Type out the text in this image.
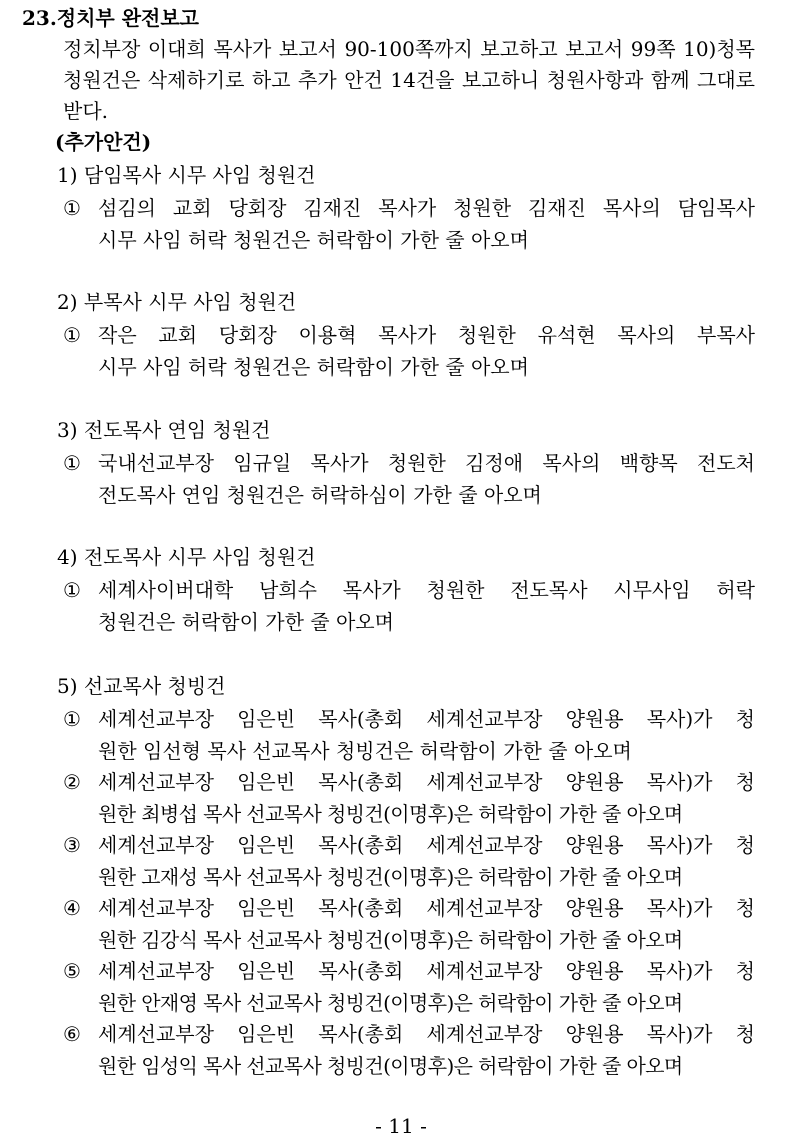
23.정치부 완전보고
정치부장 이대희 목사가 보고서 90-100쪽까지 보고하고 보고서 99쪽 10)청목
청원건은 삭제하기로 하고 추가 안건 14건을 보고하니 청원사항과 함께 그대로
받다.
(추가안건)
1) 담임목사 시무 사임 청원건
① 섬김의 교회 당회장 김재진 목사가 청원한 김재진 목사의 담임목사
시무 사임 허락 청원건은 허락함이 가한 줄 아오며
2) 부목사 시무 사임 청원건
① 작은 교회 당회장 이용혁 목사가 청원한 유석현 목사의 부목사
시무 사임 허락 청원건은 허락함이 가한 줄 아오며
3) 전도목사 연임 청원건
① 국내선교부장 임규일 목사가 청원한 김정애 목사의 백향목 전도처
전도목사 연임 청원건은 허락하심이 가한 줄 아오며
4) 전도목사 시무 사임 청원건
① 세계사이버대학 남희수 목사가 청원한 전도목사 시무사임 허락
청원건은 허락함이 가한 줄 아오며
5) 선교목사 청빙건
① 세계선교부장 임은빈 목사(총회 세계선교부장 양원용 목사)가 청
원한 임선형 목사 선교목사 청빙건은 허락함이 가한 줄 아오며
② 세계선교부장 임은빈 목사(총회 세계선교부장 양원용 목사)가 청
원한 최병섭 목사 선교목사 청빙건(이명후)은 허락함이 가한 줄 아오며
③ 세계선교부장 임은빈 목사(총회 세계선교부장 양원용 목사)가 청
원한 고재성 목사 선교목사 청빙건(이명후)은 허락함이 가한 줄 아오며
④ 세계선교부장 임은빈 목사(총회 세계선교부장 양원용 목사)가 청
원한 김강식 목사 선교목사 청빙건(이명후)은 허락함이 가한 줄 아오며
⑤ 세계선교부장 임은빈 목사(총회 세계선교부장 양원용 목사)가 청
원한 안재영 목사 선교목사 청빙건(이명후)은 허락함이 가한 줄 아오며
⑥ 세계선교부장 임은빈 목사(총회 세계선교부장 양원용 목사)가 청
원한 임성익 목사 선교목사 청빙건(이명후)은 허락함이 가한 줄 아오며
- 11 -
